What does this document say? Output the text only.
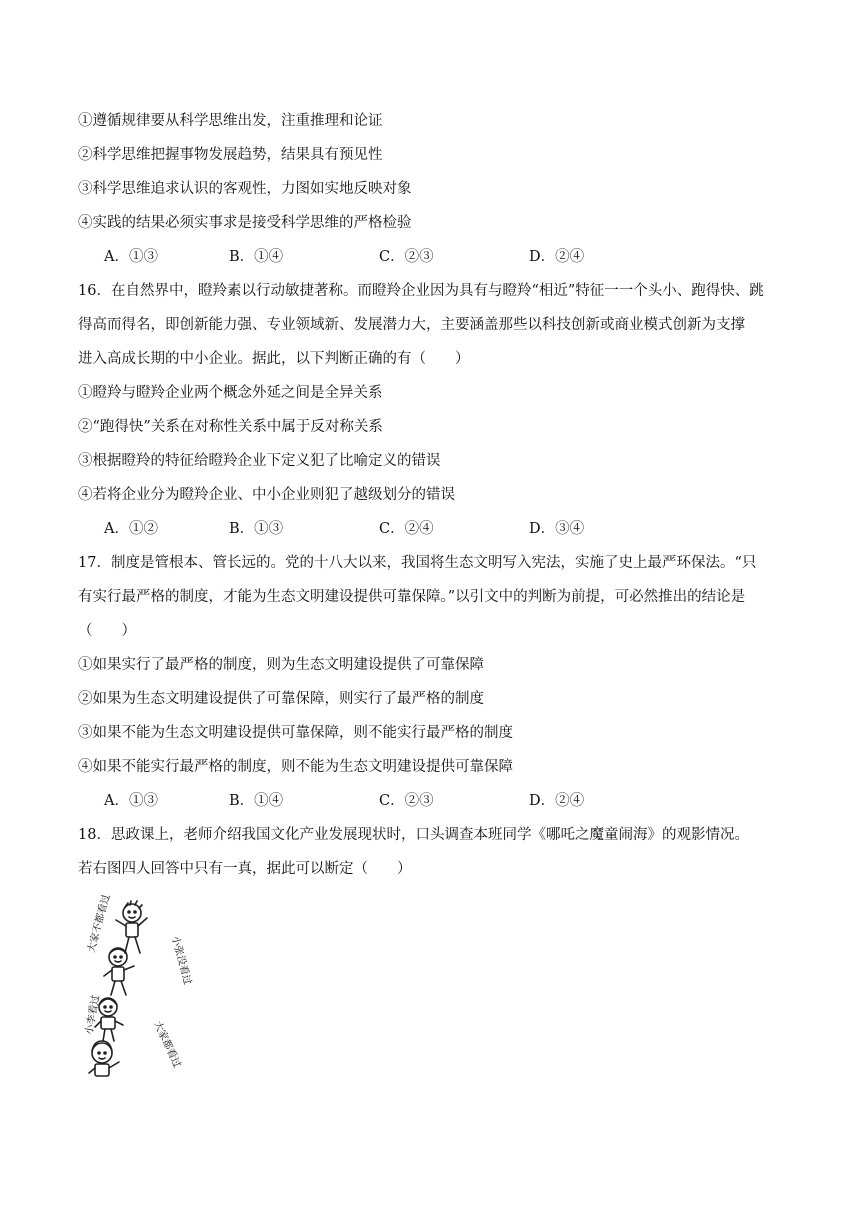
①遵循规律要从科学思维出发，注重推理和论证
②科学思维把握事物发展趋势，结果具有预见性
③科学思维追求认识的客观性，力图如实地反映对象
④实践的结果必须实事求是接受科学思维的严格检验
A．①③	B．①④	C．②③	D．②④
16．在自然界中，瞪羚素以行动敏捷著称。而瞪羚企业因为具有与瞪羚“相近”特征一一个头小、跑得快、跳
得高而得名，即创新能力强、专业领域新、发展潜力大，主要涵盖那些以科技创新或商业模式创新为支撑
进入高成长期的中小企业。据此，以下判断正确的有（　　）
①瞪羚与瞪羚企业两个概念外延之间是全异关系
②“跑得快”关系在对称性关系中属于反对称关系
③根据瞪羚的特征给瞪羚企业下定义犯了比喻定义的错误
④若将企业分为瞪羚企业、中小企业则犯了越级划分的错误
A．①②	B．①③	C．②④	D．③④
17．制度是管根本、管长远的。党的十八大以来，我国将生态文明写入宪法，实施了史上最严环保法。“只
有实行最严格的制度，才能为生态文明建设提供可靠保障。”以引文中的判断为前提，可必然推出的结论是
（　　）
①如果实行了最严格的制度，则为生态文明建设提供了可靠保障
②如果为生态文明建设提供了可靠保障，则实行了最严格的制度
③如果不能为生态文明建设提供可靠保障，则不能实行最严格的制度
④如果不能实行最严格的制度，则不能为生态文明建设提供可靠保障
A．①③	B．①④	C．②③	D．②④
18．思政课上，老师介绍我国文化产业发展现状时，口头调查本班同学《哪吒之魔童闹海》的观影情况。
若右图四人回答中只有一真，据此可以断定（　　）
大家不都看过
小张没看过
小李看过
大家都看过
